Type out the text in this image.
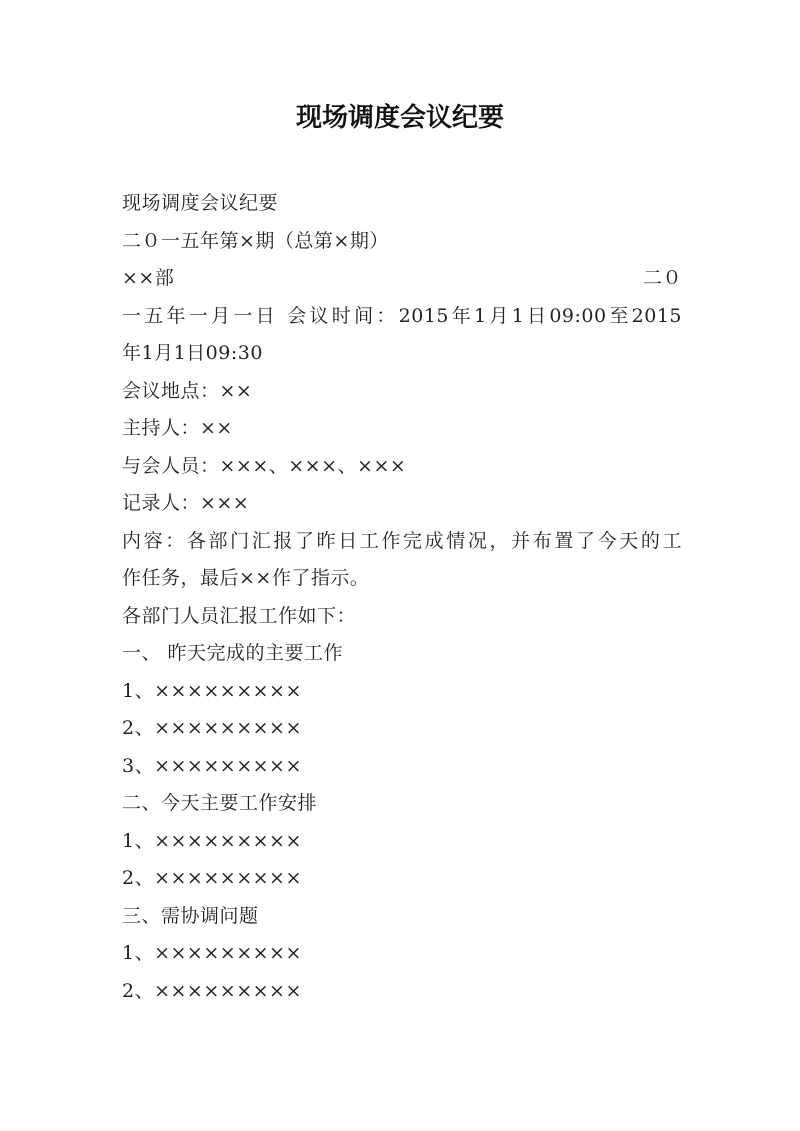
现场调度会议纪要
现场调度会议纪要
二０一五年第×期（总第×期）
××部	二０
一五年一月一日 会议时间：2015年1月1日09:00至2015
年1月1日09:30
会议地点：××
主持人：××
与会人员：×××、×××、×××
记录人：×××
内容：各部门汇报了昨日工作完成情况，并布置了今天的工
作任务，最后××作了指示。
各部门人员汇报工作如下：
一、 昨天完成的主要工作
1、×××××××××
2、×××××××××
3、×××××××××
二、今天主要工作安排
1、×××××××××
2、×××××××××
三、需协调问题
1、×××××××××
2、×××××××××
